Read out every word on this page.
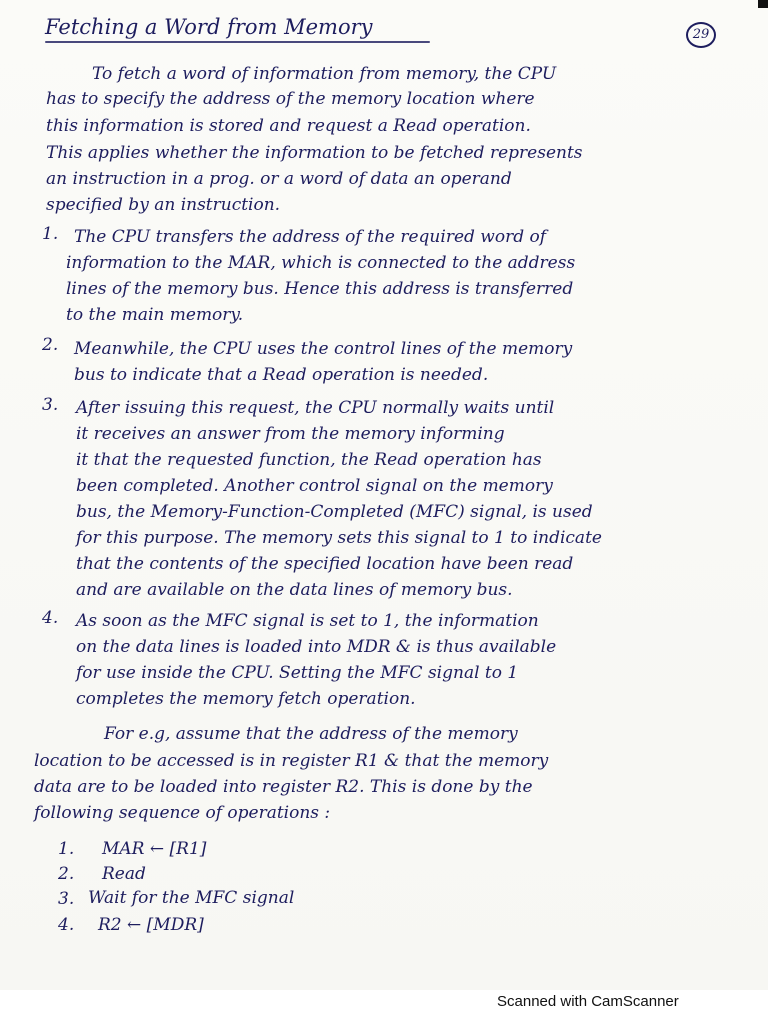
Fetching a Word from Memory	29
To fetch a word of information from memory, the CPU
has to specify the address of the memory location where
this information is stored and request a Read operation.
This applies whether the information to be fetched represents
an instruction in a prog. or a word of data an operand
specified by an instruction.
1. The CPU transfers the address of the required word of
information to the MAR, which is connected to the address
lines of the memory bus. Hence this address is transferred
to the main memory.
2. Meanwhile, the CPU uses the control lines of the memory
bus to indicate that a Read operation is needed.
3. After issuing this request, the CPU normally waits until
it receives an answer from the memory informing
it that the requested function, the Read operation has
been completed. Another control signal on the memory
bus, the Memory-Function-Completed (MFC) signal, is used
for this purpose. The memory sets this signal to 1 to indicate
that the contents of the specified location have been read
and are available on the data lines of memory bus.
4. As soon as the MFC signal is set to 1, the information
on the data lines is loaded into MDR & is thus available
for use inside the CPU. Setting the MFC signal to 1
completes the memory fetch operation.
For e.g, assume that the address of the memory
location to be accessed is in register R1 & that the memory
data are to be loaded into register R2. This is done by the
following sequence of operations :
1. MAR ← [R1]
2. Read
3. Wait for the MFC signal
4. R2 ← [MDR]
Scanned with CamScanner
